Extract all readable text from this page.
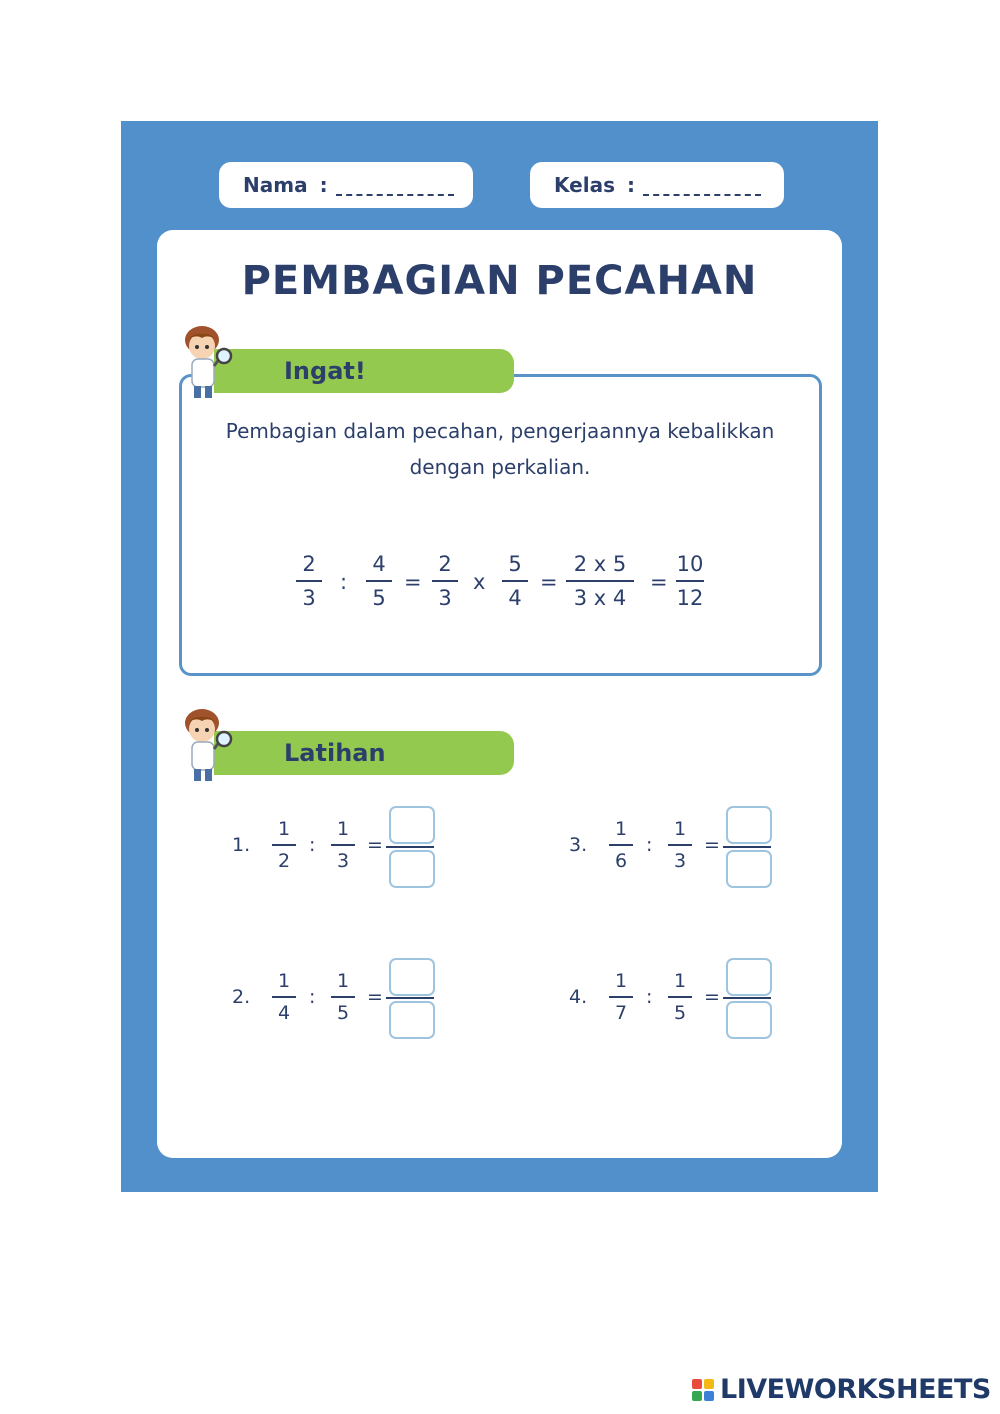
Nama :	Kelas :
PEMBAGIAN PECAHAN
Ingat!
Pembagian dalam pecahan, pengerjaannya kebalikkan
dengan perkalian.
2
3
:
4
5
=
2
3
x
5
4
=
2 x 5
3 x 4
=
10
12
Latihan
1.
1
2
:
1
3
=
2.
1
4
:
1
5
=
3.
1
6
:
1
3
=
4.
1
7
:
1
5
=
LIVEWORKSHEETS
